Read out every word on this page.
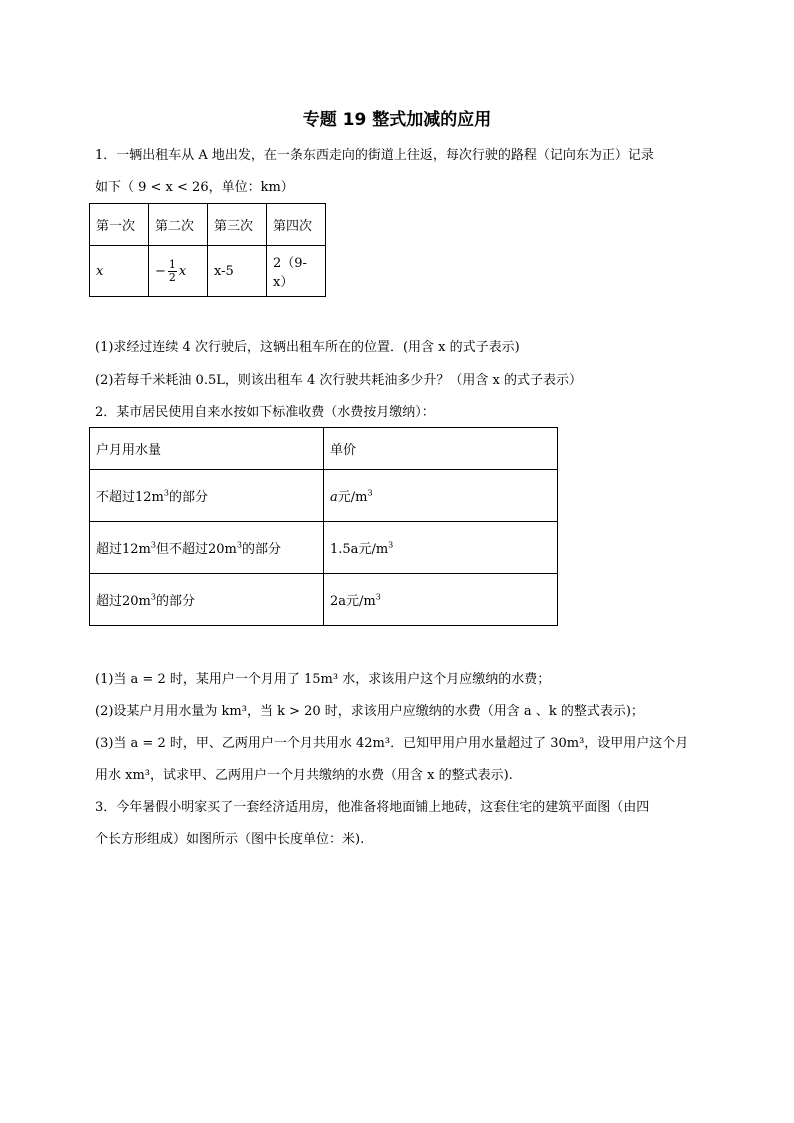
专题 19 整式加减的应用
1．一辆出租车从 A 地出发，在一条东西走向的街道上往返，每次行驶的路程（记向东为正）记录
如下（ 9 < x < 26，单位：km）
第一次	第二次	第三次	第四次
x	− $\frac{1}{2}$ x	x-5	2（9-x）
(1)求经过连续 4 次行驶后，这辆出租车所在的位置．(用含 x 的式子表示)
(2)若每千米耗油 0.5L，则该出租车 4 次行驶共耗油多少升？（用含 x 的式子表示）
2．某市居民使用自来水按如下标准收费（水费按月缴纳）：
户月用水量	单价
不超过$12m^3$的部分	a元$/m^3$
超过$12m^3$但不超过$20m^3$的部分	1.5a元$/m^3$
超过$20m^3$的部分	2a元$/m^3$
(1)当 a = 2 时，某用户一个月用了 15m³ 水，求该用户这个月应缴纳的水费；
(2)设某户月用水量为 km³，当 k > 20 时，求该用户应缴纳的水费（用含 a 、k 的整式表示)；
(3)当 a = 2 时，甲、乙两用户一个月共用水 42m³．已知甲用户用水量超过了 30m³，设甲用户这个月
用水 xm³，试求甲、乙两用户一个月共缴纳的水费（用含 x 的整式表示).
3．今年暑假小明家买了一套经济适用房，他准备将地面铺上地砖，这套住宅的建筑平面图（由四
个长方形组成）如图所示（图中长度单位：米).
